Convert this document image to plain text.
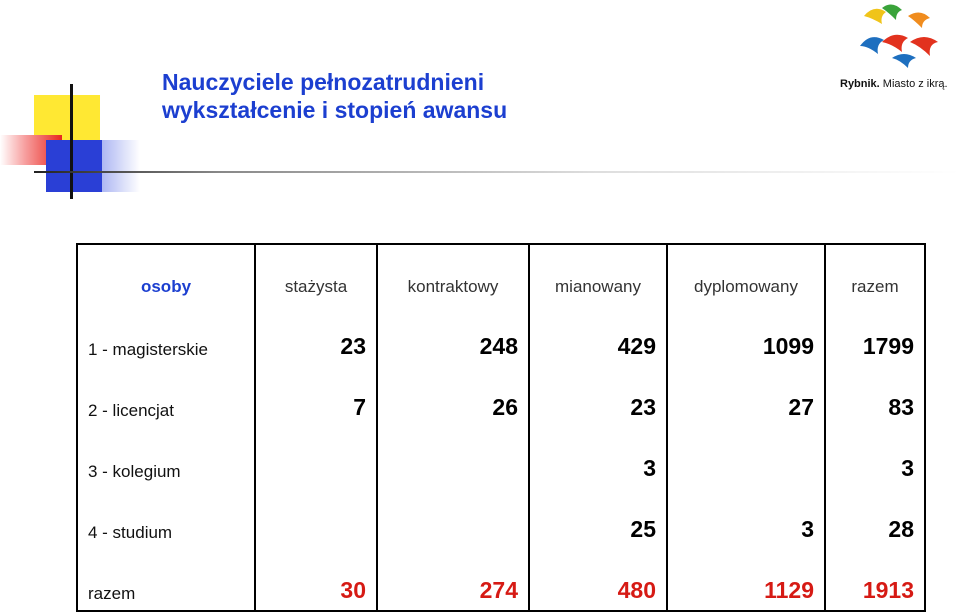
Nauczyciele pełnozatrudnieni
wykształcenie i stopień awansu
Rybnik. Miasto z ikrą.
osoby	stażysta	kontraktowy	mianowany	dyplomowany	razem
1 - magisterskie	23	248	429	1099	1799
2 - licencjat	7	26	23	27	83
3 - kolegium			3		3
4 - studium			25	3	28
razem	30	274	480	1129	1913
